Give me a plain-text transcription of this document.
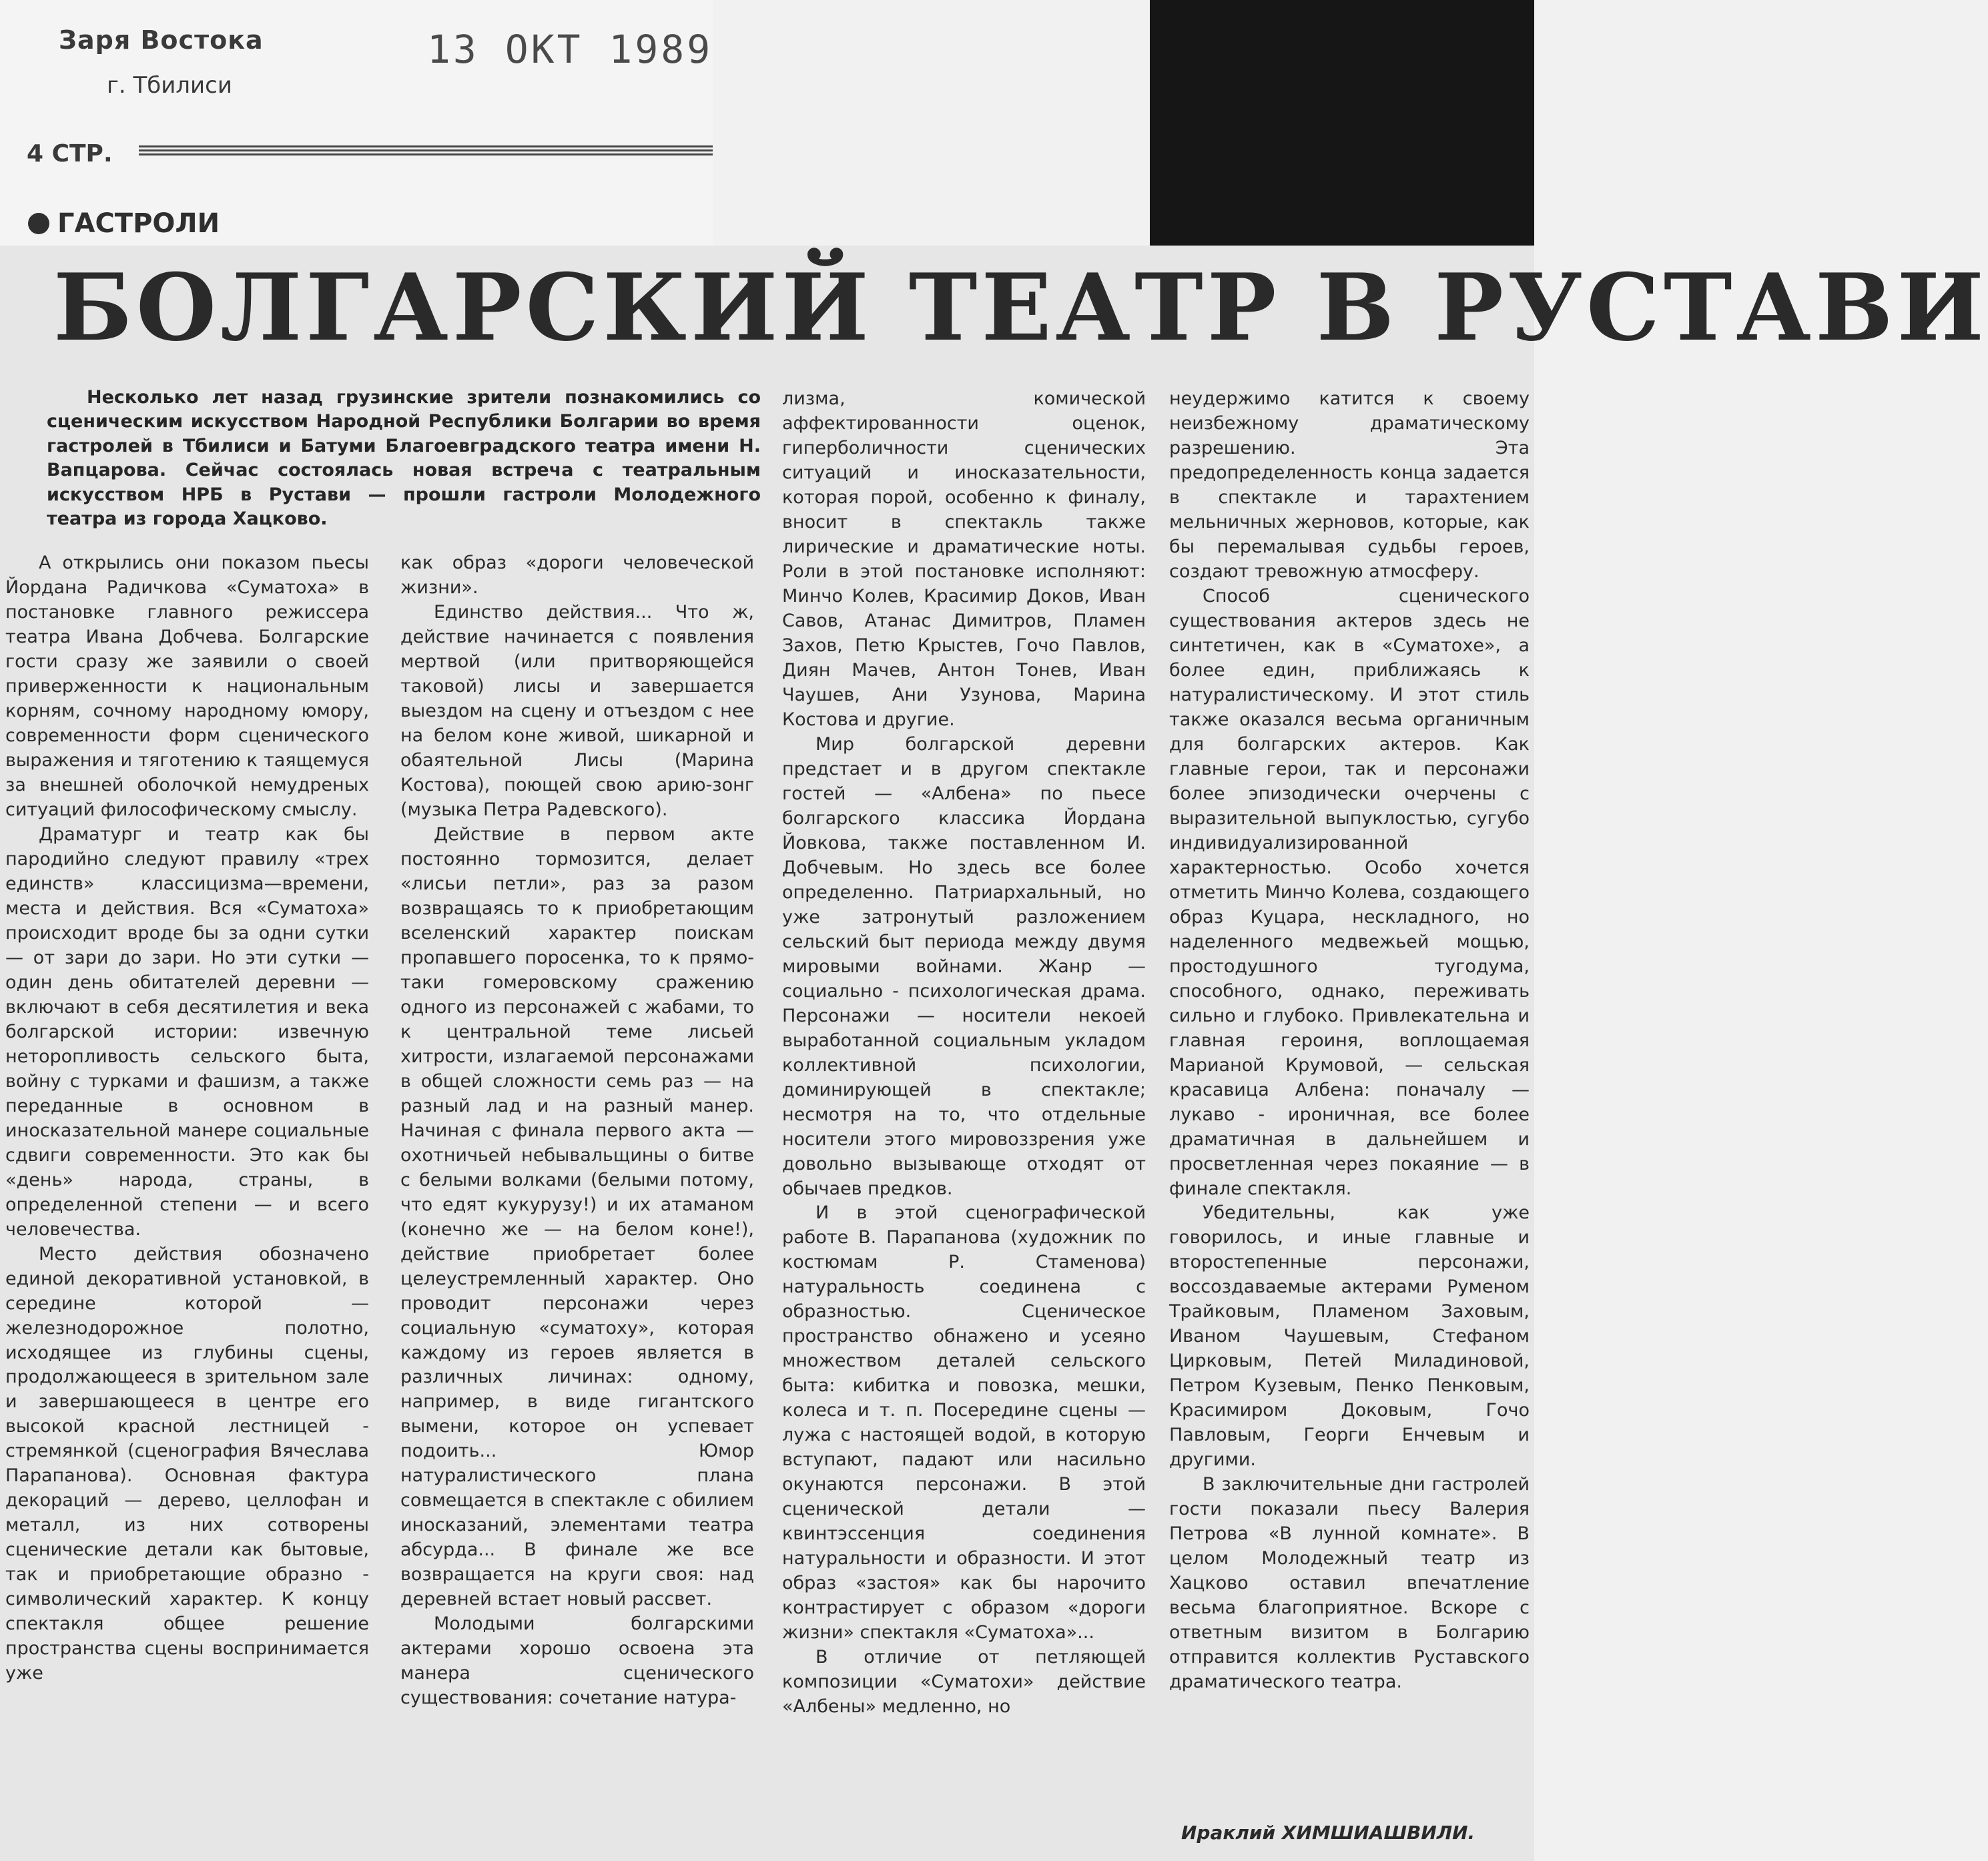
Заря Востока
г. Тбилиси
13 ОКТ 1989
4 СТР.
ГАСТРОЛИ
БОЛГАРСКИЙ ТЕАТР В РУСТАВИ
Несколько лет назад грузинские зрители познакомились со сценическим искусством Народной Республики Болгарии во время гастролей в Тбилиси и Батуми Благоевградского театра имени Н. Вапцарова. Сейчас состоялась новая встреча с театральным искусством НРБ в Рустави — прошли гастроли Молодежного театра из города Хацково.

А открылись они показом пьесы Йордана Радичкова «Суматоха» в постановке главного режиссера театра Ивана Добчева. Болгарские гости сразу же заявили о своей приверженности к национальным корням, сочному народному юмору, современности форм сценического выражения и тяготению к таящемуся за внешней оболочкой немудреных ситуаций философическому смыслу.

Драматург и театр как бы пародийно следуют правилу «трех единств» классицизма—времени, места и действия. Вся «Суматоха» происходит вроде бы за одни сутки — от зари до зари. Но эти сутки — один день обитателей деревни — включают в себя десятилетия и века болгарской истории: извечную неторопливость сельского быта, войну с турками и фашизм, а также переданные в основном в иносказательной манере социальные сдвиги современности. Это как бы «день» народа, страны, в определенной степени — и всего человечества.

Место действия обозначено единой декоративной установкой, в середине которой — железнодорожное полотно, исходящее из глубины сцены, продолжающееся в зрительном зале и завершающееся в центре его высокой красной лестницей - стремянкой (сценография Вячеслава Парапанова). Основная фактура декораций — дерево, целлофан и металл, из них сотворены сценические детали как бытовые, так и приобретающие образно - символический характер. К концу спектакля общее решение пространства сцены воспринимается уже

как образ «дороги человеческой жизни».

Единство действия... Что ж, действие начинается с появления мертвой (или притворяющейся таковой) лисы и завершается выездом на сцену и отъездом с нее на белом коне живой, шикарной и обаятельной Лисы (Марина Костова), поющей свою арию-зонг (музыка Петра Радевского).

Действие в первом акте постоянно тормозится, делает «лисьи петли», раз за разом возвращаясь то к приобретающим вселенский характер поискам пропавшего поросенка, то к прямо-таки гомеровскому сражению одного из персонажей с жабами, то к центральной теме лисьей хитрости, излагаемой персонажами в общей сложности семь раз — на разный лад и на разный манер. Начиная с финала первого акта — охотничьей небывальщины о битве с белыми волками (белыми потому, что едят кукурузу!) и их атаманом (конечно же — на белом коне!), действие приобретает более целеустремленный характер. Оно проводит персонажи через социальную «суматоху», которая каждому из героев является в различных личинах: одному, например, в виде гигантского вымени, которое он успевает подоить... Юмор натуралистического плана совмещается в спектакле с обилием иносказаний, элементами театра абсурда... В финале же все возвращается на круги своя: над деревней встает новый рассвет.

Молодыми болгарскими актерами хорошо освоена эта манера сценического существования: сочетание натура-

лизма, комической аффектированности оценок, гиперболичности сценических ситуаций и иносказательности, которая порой, особенно к финалу, вносит в спектакль также лирические и драматические ноты. Роли в этой постановке исполняют: Минчо Колев, Красимир Доков, Иван Савов, Атанас Димитров, Пламен Захов, Петю Крыстев, Гочо Павлов, Диян Мачев, Антон Тонев, Иван Чаушев, Ани Узунова, Марина Костова и другие.

Мир болгарской деревни предстает и в другом спектакле гостей — «Албена» по пьесе болгарского классика Йордана Йовкова, также поставленном И. Добчевым. Но здесь все более определенно. Патриархальный, но уже затронутый разложением сельский быт периода между двумя мировыми войнами. Жанр — социально - психологическая драма. Персонажи — носители некоей выработанной социальным укладом коллективной психологии, доминирующей в спектакле; несмотря на то, что отдельные носители этого мировоззрения уже довольно вызывающе отходят от обычаев предков.

И в этой сценографической работе В. Парапанова (художник по костюмам Р. Стаменова) натуральность соединена с образностью. Сценическое пространство обнажено и усеяно множеством деталей сельского быта: кибитка и повозка, мешки, колеса и т. п. Посередине сцены — лужа с настоящей водой, в которую вступают, падают или насильно окунаются персонажи. В этой сценической детали — квинтэссенция соединения натуральности и образности. И этот образ «застоя» как бы нарочито контрастирует с образом «дороги жизни» спектакля «Суматоха»...

В отличие от петляющей композиции «Суматохи» действие «Албены» медленно, но

неудержимо катится к своему неизбежному драматическому разрешению. Эта предопределенность конца задается в спектакле и тарахтением мельничных жерновов, которые, как бы перемалывая судьбы героев, создают тревожную атмосферу.

Способ сценического существования актеров здесь не синтетичен, как в «Суматохе», а более един, приближаясь к натуралистическому. И этот стиль также оказался весьма органичным для болгарских актеров. Как главные герои, так и персонажи более эпизодически очерчены с выразительной выпуклостью, сугубо индивидуализированной характерностью. Особо хочется отметить Минчо Колева, создающего образ Куцара, нескладного, но наделенного медвежьей мощью, простодушного тугодума, способного, однако, переживать сильно и глубоко. Привлекательна и главная героиня, воплощаемая Марианой Крумовой, — сельская красавица Албена: поначалу — лукаво - ироничная, все более драматичная в дальнейшем и просветленная через покаяние — в финале спектакля.

Убедительны, как уже говорилось, и иные главные и второстепенные персонажи, воссоздаваемые актерами Руменом Трайковым, Пламеном Заховым, Иваном Чаушевым, Стефаном Цирковым, Петей Миладиновой, Петром Кузевым, Пенко Пенковым, Красимиром Доковым, Гочо Павловым, Георги Енчевым и другими.

В заключительные дни гастролей гости показали пьесу Валерия Петрова «В лунной комнате». В целом Молодежный театр из Хацково оставил впечатление весьма благоприятное. Вскоре с ответным визитом в Болгарию отправится коллектив Руставского драматического театра.

Ираклий ХИМШИАШВИЛИ.
